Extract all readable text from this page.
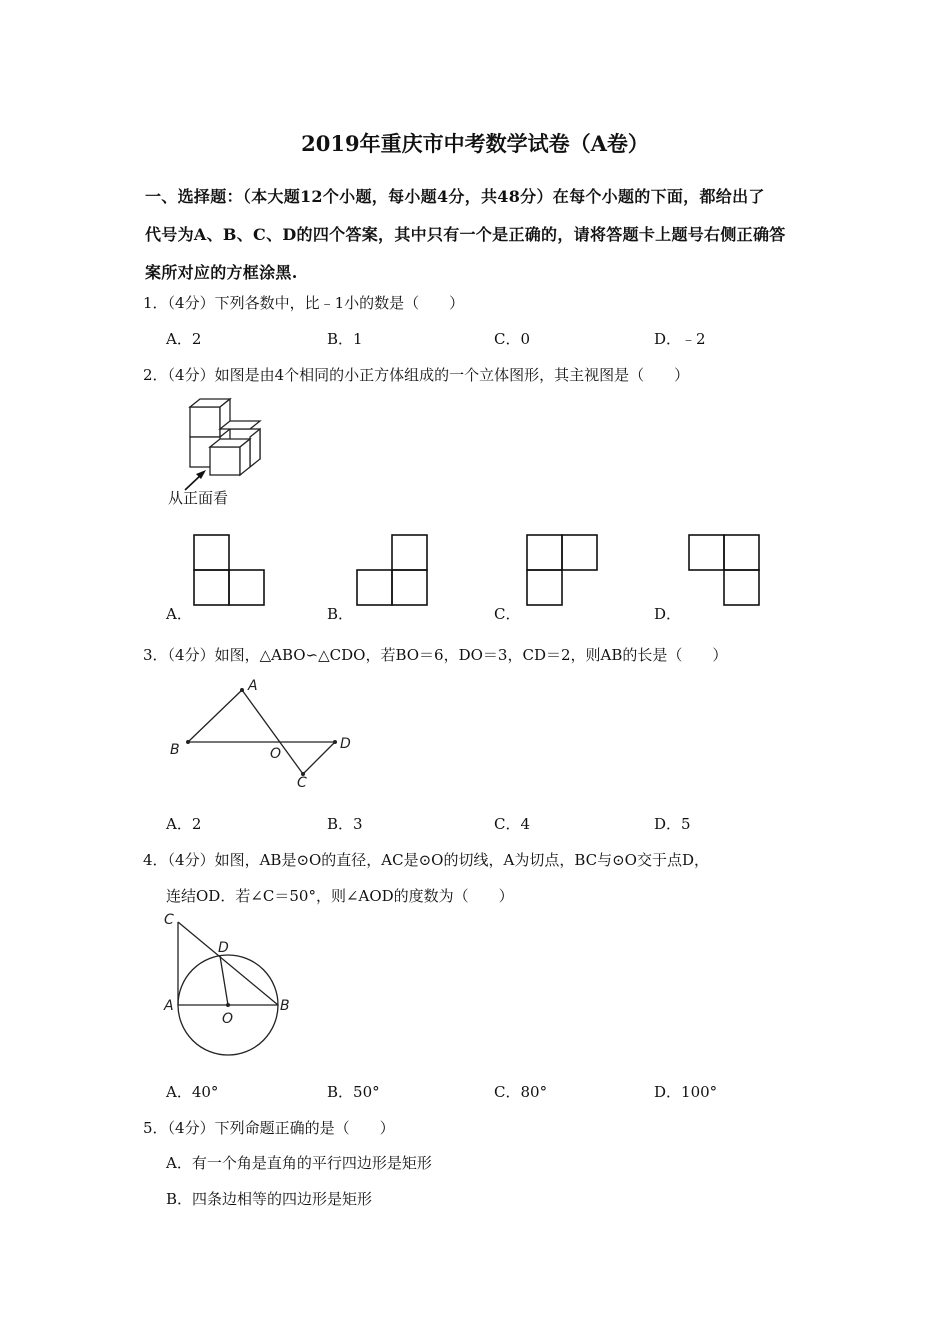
2019年重庆市中考数学试卷（A卷）
一、选择题：（本大题12个小题，每小题4分，共48分）在每个小题的下面，都给出了
代号为A、B、C、D的四个答案，其中只有一个是正确的，请将答题卡上题号右侧正确答
案所对应的方框涂黑.
1．（4分）下列各数中，比﹣1小的数是（　　）
A．2	B．1	C．0	D．﹣2
2．（4分）如图是由4个相同的小正方体组成的一个立体图形，其主视图是（　　）
从正面看
A．	B．	C．	D．
3．（4分）如图，△ABO∽△CDO，若BO＝6，DO＝3，CD＝2，则AB的长是（　　）
A
B	O
D
C
A．2	B．3	C．4	D．5
4．（4分）如图，AB是⊙O的直径，AC是⊙O的切线，A为切点，BC与⊙O交于点D，
连结OD．若∠C＝50°，则∠AOD的度数为（　　）
C
D
A
O
B
A．40°	B．50°	C．80°	D．100°
5．（4分）下列命题正确的是（　　）
A．有一个角是直角的平行四边形是矩形
B．四条边相等的四边形是矩形
